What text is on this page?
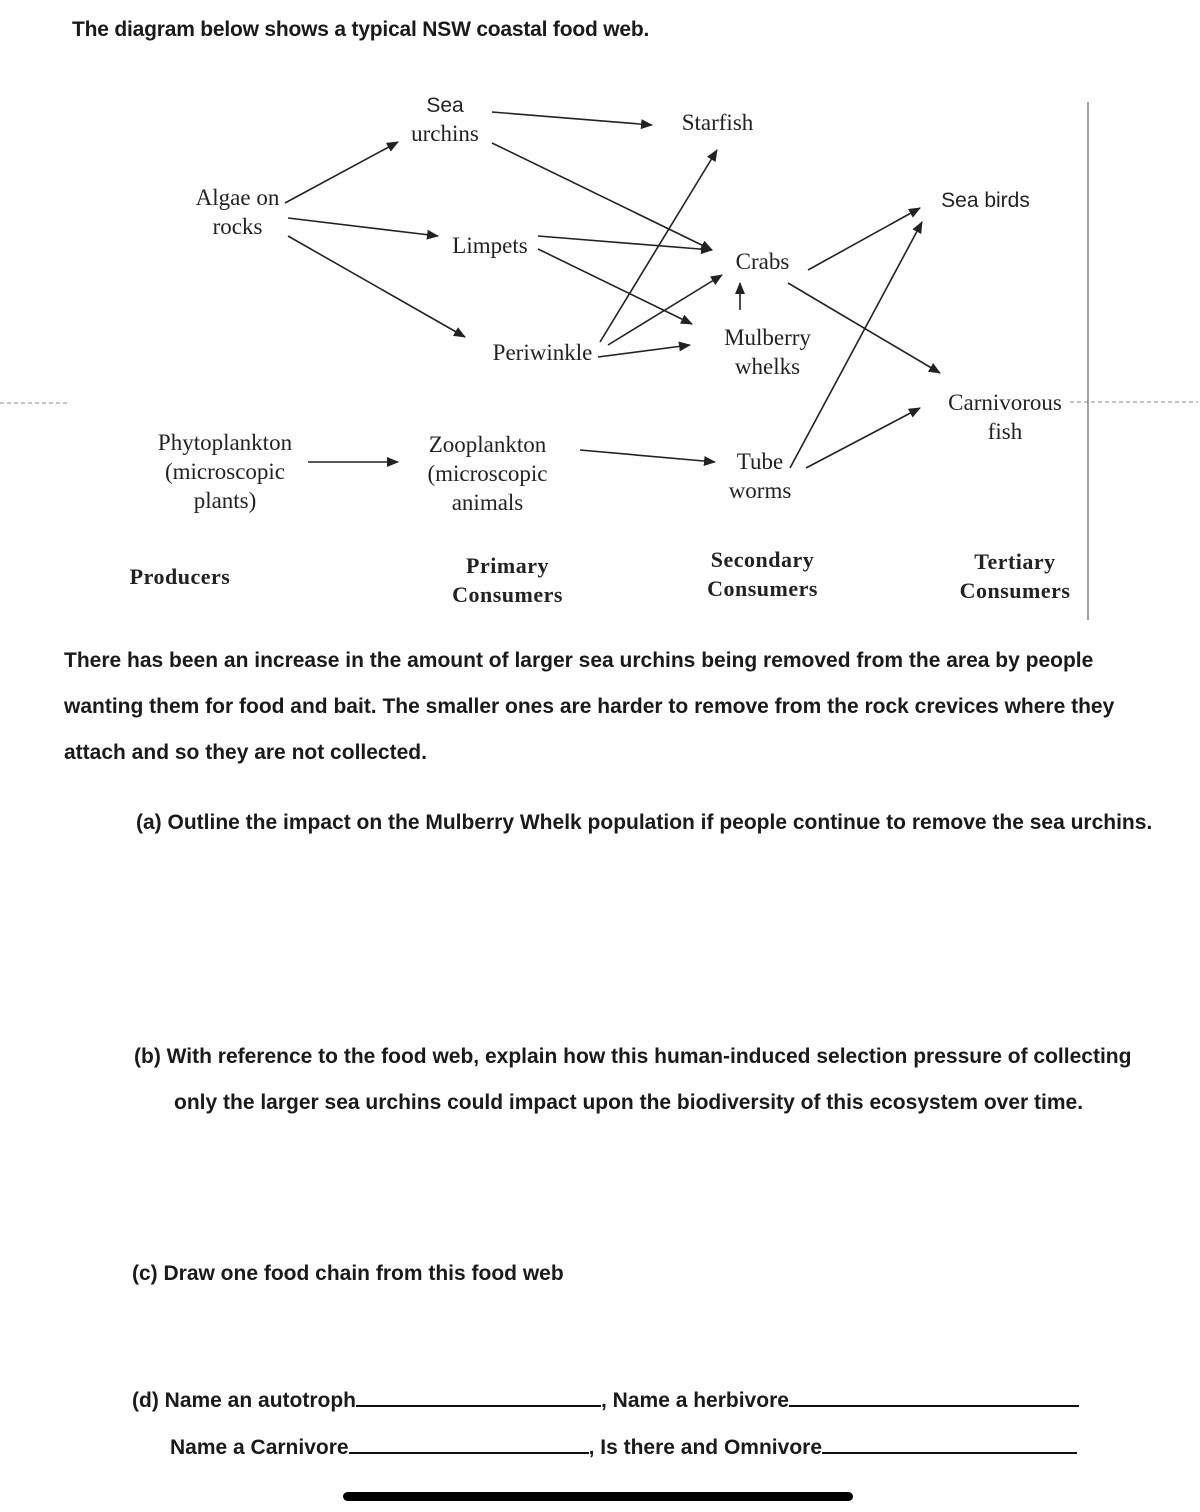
The diagram below shows a typical NSW coastal food web.
Sea
urchins	Starfish
Sea birds
Algae on
rocks
Limpets
Crabs
Periwinkle
Mulberry
whelks
Carnivorous
fish
Phytoplankton
(microscopic
plants)
Zooplankton
(microscopic
animals
Tube
worms
Producers	Primary
Consumers
Secondary
Consumers
Tertiary
Consumers
There has been an increase in the amount of larger sea urchins being removed from the area by people wanting them for food and bait. The smaller ones are harder to remove from the rock crevices where they attach and so they are not collected.
(a) Outline the impact on the Mulberry Whelk population if people continue to remove the sea urchins.
(b) With reference to the food web, explain how this human-induced selection pressure of collecting only the larger sea urchins could impact upon the biodiversity of this ecosystem over time.
(c) Draw one food chain from this food web
(d) Name an autotroph	, Name a herbivore
Name a Carnivore	, Is there and Omnivore
